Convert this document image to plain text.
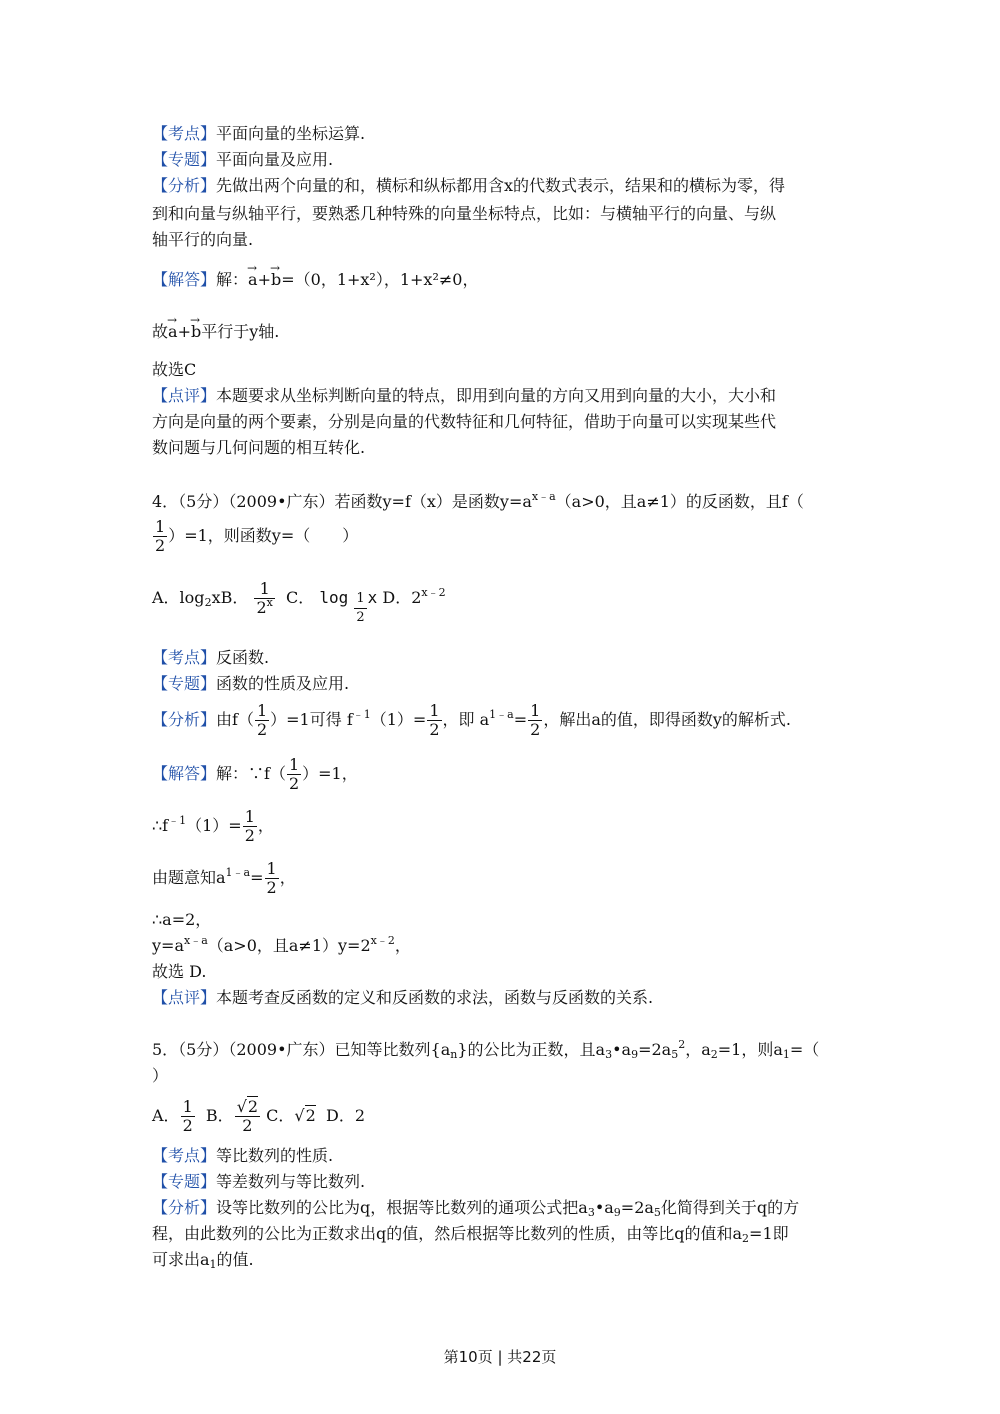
【考点】平面向量的坐标运算.
【专题】平面向量及应用.
【分析】先做出两个向量的和，横标和纵标都用含x的代数式表示，结果和的横标为零，得
到和向量与纵轴平行，要熟悉几种特殊的向量坐标特点，比如：与横轴平行的向量、与纵
轴平行的向量.
【解答】解：→ a+→ b=（0，1+x²），1+x²≠0，
故→ a+→ b平行于y轴.
故选C
【点评】本题要求从坐标判断向量的特点，即用到向量的方向又用到向量的大小，大小和
方向是向量的两个要素，分别是向量的代数特征和几何特征，借助于向量可以实现某些代
数问题与几何问题的相互转化.
4．（5分）（2009•广东）若函数y=f（x）是函数$y=a^{x﹣a}(a>0$，且a≠1）的反函数，且f（
$\frac{1}{2} )=1$，则函数y=（　　）
A．$\log_2xB$． $\frac{1}{2^x}$ C． $\log \frac{1}{2}$ x D．$2^{x﹣2}$
【考点】反函数.
【专题】函数的性质及应用.
【分析】由$f( \frac{1}{2} )=1$可得 $f^{﹣1}(1)= \frac{1}{2}$ ，即 $a^{1﹣a}= \frac{1}{2}$ ，解出a的值，即得函数y的解析式.
【解答】解：∵f（ $\frac{1}{2} )=1$，
$\therefore f^{﹣1}(1)= \frac{1}{2}$ ，
由题意知$a^{1﹣a}= \frac{1}{2}$ ，
∴a=2，
$y=a^{x﹣a}(a>0$，且$a\ne 1)y=2^{x﹣2}$，
故选 D.
【点评】本题考查反函数的定义和反函数的求法，函数与反函数的关系.
5．（5分）（2009•广东）已知等比数列$\{a_n\}$的公比为正数，且$a_3•a_9=2a_5^2$，$a_2=1$，则$a_1=$（
）
A． $\frac{1}{2}$ B． $\frac{√2}{2}$ C．√2 D．2
【考点】等比数列的性质.
【专题】等差数列与等比数列.
【分析】设等比数列的公比为q，根据等比数列的通项公式把$a_3•a_9=2a_5$化简得到关于q的方
程，由此数列的公比为正数求出q的值，然后根据等比数列的性质，由等比q的值和$a_2=1$即
可求出$a_1$的值.
第10页 | 共22页
